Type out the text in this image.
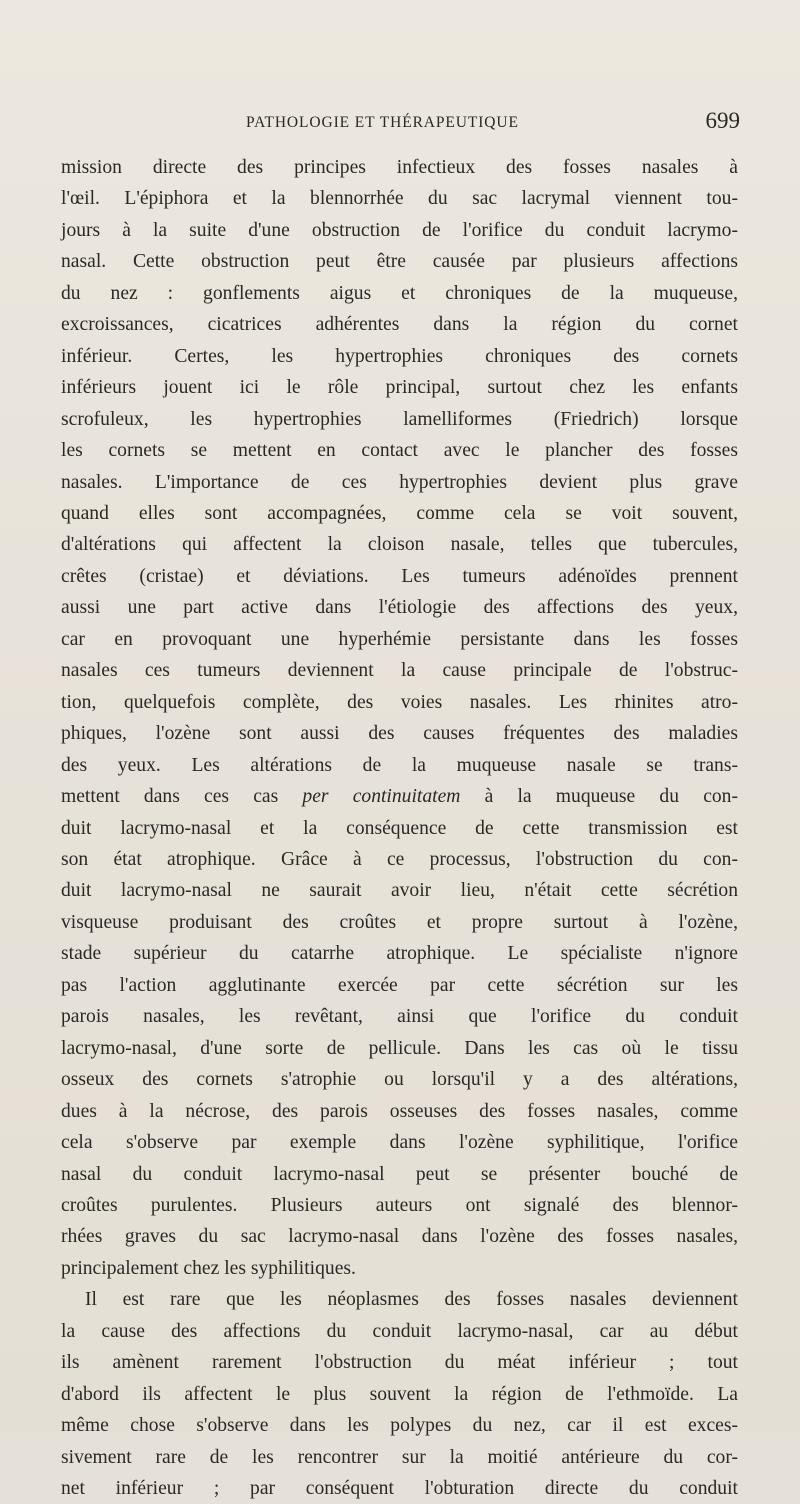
PATHOLOGIE ET THÉRAPEUTIQUE	699

mission directe des principes infectieux des fosses nasales à
l'œil. L'épiphora et la blennorrhée du sac lacrymal viennent tou-
jours à la suite d'une obstruction de l'orifice du conduit lacrymo-
nasal. Cette obstruction peut être causée par plusieurs affections
du nez : gonflements aigus et chroniques de la muqueuse,
excroissances, cicatrices adhérentes dans la région du cornet
inférieur. Certes, les hypertrophies chroniques des cornets
inférieurs jouent ici le rôle principal, surtout chez les enfants
scrofuleux, les hypertrophies lamelliformes (Friedrich) lorsque
les cornets se mettent en contact avec le plancher des fosses
nasales. L'importance de ces hypertrophies devient plus grave
quand elles sont accompagnées, comme cela se voit souvent,
d'altérations qui affectent la cloison nasale, telles que tubercules,
crêtes (cristae) et déviations. Les tumeurs adénoïdes prennent
aussi une part active dans l'étiologie des affections des yeux,
car en provoquant une hyperhémie persistante dans les fosses
nasales ces tumeurs deviennent la cause principale de l'obstruc-
tion, quelquefois complète, des voies nasales. Les rhinites atro-
phiques, l'ozène sont aussi des causes fréquentes des maladies
des yeux. Les altérations de la muqueuse nasale se trans-
mettent dans ces cas per continuitatem à la muqueuse du con-
duit lacrymo-nasal et la conséquence de cette transmission est
son état atrophique. Grâce à ce processus, l'obstruction du con-
duit lacrymo-nasal ne saurait avoir lieu, n'était cette sécrétion
visqueuse produisant des croûtes et propre surtout à l'ozène,
stade supérieur du catarrhe atrophique. Le spécialiste n'ignore
pas l'action agglutinante exercée par cette sécrétion sur les
parois nasales, les revêtant, ainsi que l'orifice du conduit
lacrymo-nasal, d'une sorte de pellicule. Dans les cas où le tissu
osseux des cornets s'atrophie ou lorsqu'il y a des altérations,
dues à la nécrose, des parois osseuses des fosses nasales, comme
cela s'observe par exemple dans l'ozène syphilitique, l'orifice
nasal du conduit lacrymo-nasal peut se présenter bouché de
croûtes purulentes. Plusieurs auteurs ont signalé des blennor-
rhées graves du sac lacrymo-nasal dans l'ozène des fosses nasales,
principalement chez les syphilitiques.

Il est rare que les néoplasmes des fosses nasales deviennent
la cause des affections du conduit lacrymo-nasal, car au début
ils amènent rarement l'obstruction du méat inférieur ; tout
d'abord ils affectent le plus souvent la région de l'ethmoïde. La
même chose s'observe dans les polypes du nez, car il est exces-
sivement rare de les rencontrer sur la moitié antérieure du cor-
net inférieur ; par conséquent l'obturation directe du conduit
